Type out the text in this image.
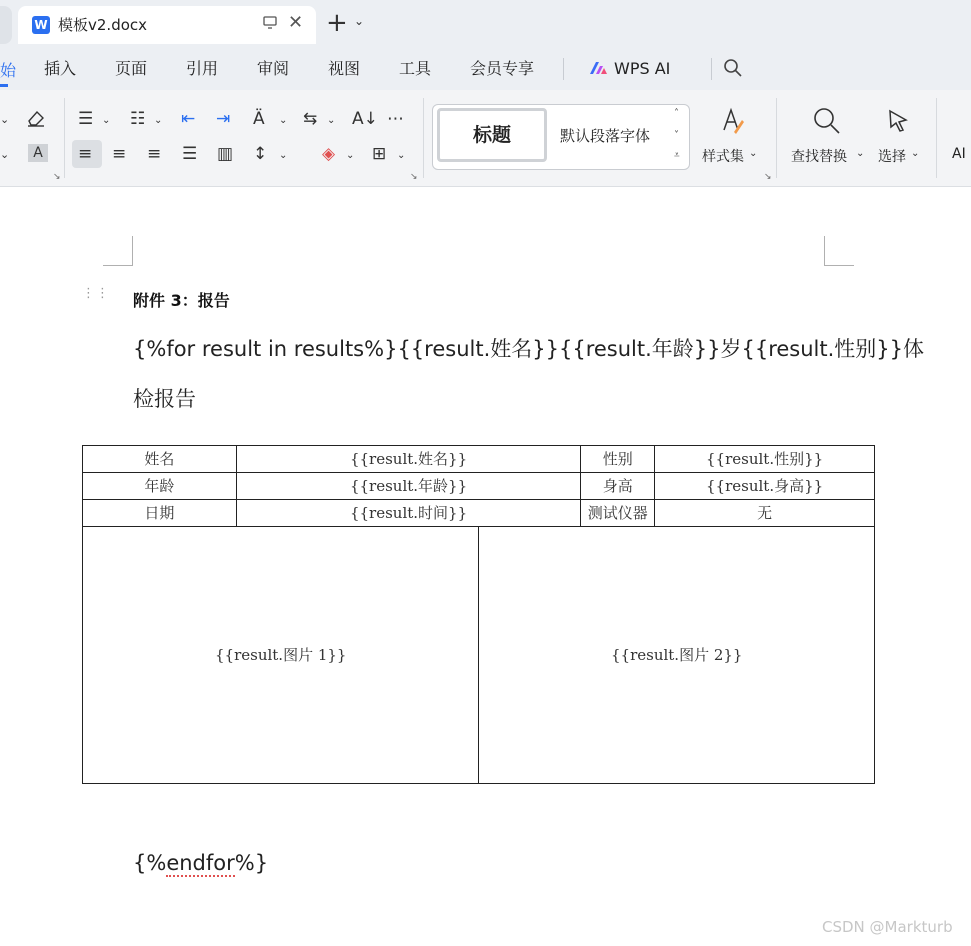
W 模板v2.docx	✕ + ⌄
始 插入 页面 引用 审阅 视图 工具 会员专享	WPS AI
⌄
⌄	A
↘
☰ ⌄ ☷ ⌄ ⇤ ⇥ Ä ⌄ ⇆ ⌄ A↓ ⋯
≡ ≡ ≡ ☰ ▥ ↕ ⌄ ◈ ⌄ ⊞ ⌄
↘
标题	默认段落字体
˄
˅
⩡ 样式集 ⌄
↘
查找替换 ⌄ 选择 ⌄ AI
⋮⋮ 附件 3：报告
{%for result in results%}{{result.姓名}}{{result.年龄}}岁{{result.性别}}体
检报告
姓名	{{result.姓名}}		性别	{{result.性别}}
年龄	{{result.年龄}}		身高	{{result.身高}}
日期	{{result.时间}}		测试仪器	无
{{result.图片 1}}		{{result.图片 2}}		
{%endfor%}
CSDN @Markturb
